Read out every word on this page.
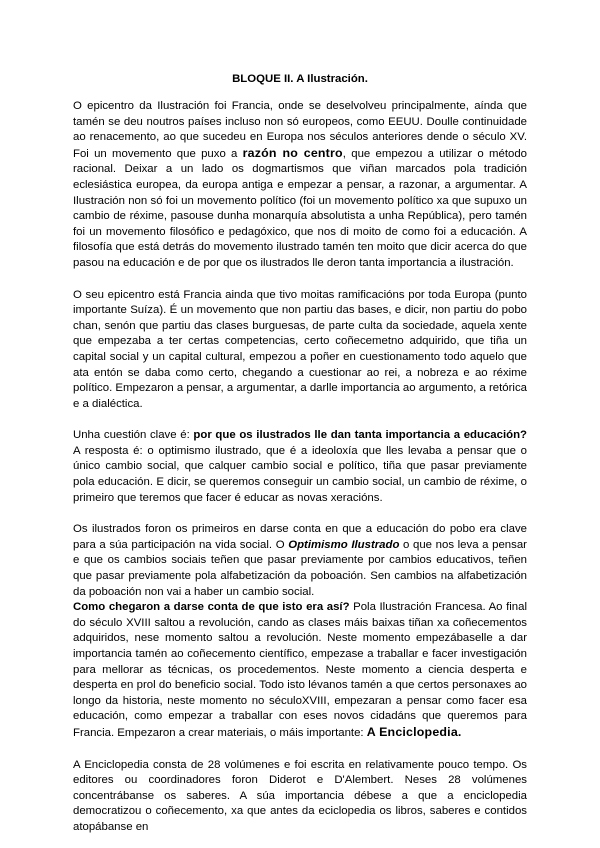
BLOQUE II. A Ilustración.

O epicentro da Ilustración foi Francia, onde se deselvolveu principalmente, aínda que tamén se deu noutros países incluso non só europeos, como EEUU. Doulle continuidade ao renacemento, ao que sucedeu en Europa nos séculos anteriores dende o século XV. Foi un movemento que puxo a razón no centro, que empezou a utilizar o método racional. Deixar a un lado os dogmartismos que viñan marcados pola tradición eclesiástica europea, da europa antiga e empezar a pensar, a razonar, a argumentar. A Ilustración non só foi un movemento político (foi un movemento político xa que supuxo un cambio de réxime, pasouse dunha monarquía absolutista a unha República), pero tamén foi un movemento filosófico e pedagóxico, que nos di moito de como foi a educación. A filosofía que está detrás do movemento ilustrado tamén ten moito que dicir acerca do que pasou na educación e de por que os ilustrados lle deron tanta importancia a ilustración.

O seu epicentro está Francia ainda que tivo moitas ramificacións por toda Europa (punto importante Suíza). É un movemento que non partiu das bases, e dicir, non partiu do pobo chan, senón que partiu das clases burguesas, de parte culta da sociedade, aquela xente que empezaba a ter certas competencias, certo coñecemetno adquirido, que tiña un capital social y un capital cultural, empezou a poñer en cuestionamento todo aquelo que ata entón se daba como certo, chegando a cuestionar ao rei, a nobreza e ao réxime político. Empezaron a pensar, a argumentar, a darlle importancia ao argumento, a retórica e a dialéctica.

Unha cuestión clave é: por que os ilustrados lle dan tanta importancia a educación? A resposta é: o optimismo ilustrado, que é a ideoloxía que lles levaba a pensar que o único cambio social, que calquer cambio social e político, tiña que pasar previamente pola educación. E dicir, se queremos conseguir un cambio social, un cambio de réxime, o primeiro que teremos que facer é educar as novas xeracións.

Os ilustrados foron os primeiros en darse conta en que a educación do pobo era clave para a súa participación na vida social. O Optimismo Ilustrado o que nos leva a pensar e que os cambios sociais teñen que pasar previamente por cambios educativos, teñen que pasar previamente pola alfabetización da poboación. Sen cambios na alfabetización da poboación non vai a haber un cambio social.

Como chegaron a darse conta de que isto era así? Pola Ilustración Francesa. Ao final do século XVIII saltou a revolución, cando as clases máis baixas tiñan xa coñecementos adquiridos, nese momento saltou a revolución. Neste momento empezábaselle a dar importancia tamén ao coñecemento científico, empezase a traballar e facer investigación para mellorar as técnicas, os procedementos. Neste momento a ciencia desperta e desperta en prol do beneficio social. Todo isto lévanos tamén a que certos personaxes ao longo da historia, neste momento no séculoXVIII, empezaran a pensar como facer esa educación, como empezar a traballar con eses novos cidadáns que queremos para Francia. Empezaron a crear materiais, o máis importante: A Enciclopedia.

A Enciclopedia consta de 28 volúmenes e foi escrita en relativamente pouco tempo. Os editores ou coordinadores foron Diderot e D'Alembert. Neses 28 volúmenes concentrábanse os saberes. A súa importancia débese a que a enciclopedia democratizou o coñecemento, xa que antes da eciclopedia os libros, saberes e contidos atopábanse en
